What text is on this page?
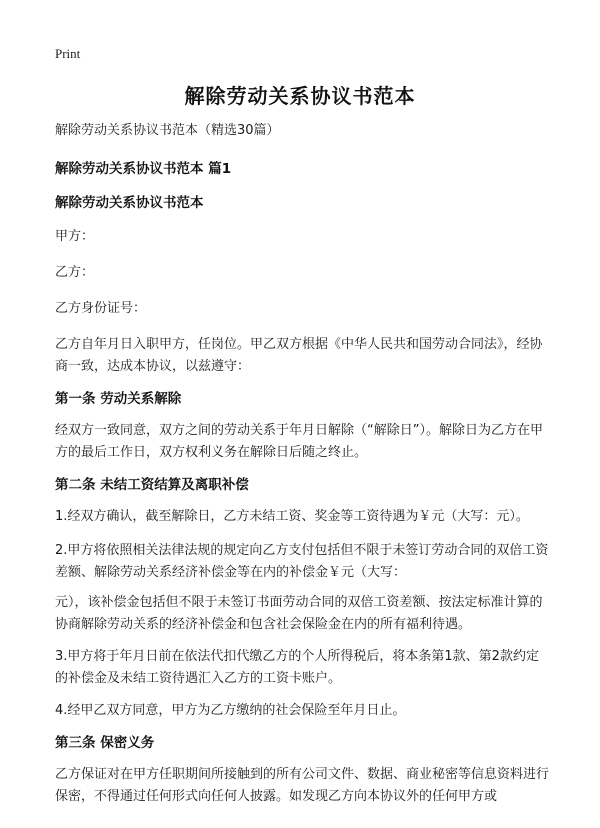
Print
解除劳动关系协议书范本

解除劳动关系协议书范本（精选30篇）

解除劳动关系协议书范本 篇1

解除劳动关系协议书范本

甲方：

乙方：

乙方身份证号：

乙方自年月日入职甲方，任岗位。甲乙双方根据《中华人民共和国劳动合同法》，经协商一致，达成本协议，以兹遵守：

第一条 劳动关系解除

经双方一致同意，双方之间的劳动关系于年月日解除（“解除日”）。解除日为乙方在甲方的最后工作日，双方权利义务在解除日后随之终止。

第二条 未结工资结算及离职补偿

1.经双方确认，截至解除日，乙方未结工资、奖金等工资待遇为￥元（大写：元）。

2.甲方将依照相关法律法规的规定向乙方支付包括但不限于未签订劳动合同的双倍工资差额、解除劳动关系经济补偿金等在内的补偿金￥元（大写：

元），该补偿金包括但不限于未签订书面劳动合同的双倍工资差额、按法定标准计算的协商解除劳动关系的经济补偿金和包含社会保险金在内的所有福利待遇。

3.甲方将于年月日前在依法代扣代缴乙方的个人所得税后，将本条第1款、第2款约定的补偿金及未结工资待遇汇入乙方的工资卡账户。

4.经甲乙双方同意，甲方为乙方缴纳的社会保险至年月日止。

第三条 保密义务

乙方保证对在甲方任职期间所接触到的所有公司文件、数据、商业秘密等信息资料进行保密，不得通过任何形式向任何人披露。如发现乙方向本协议外的任何甲方或
